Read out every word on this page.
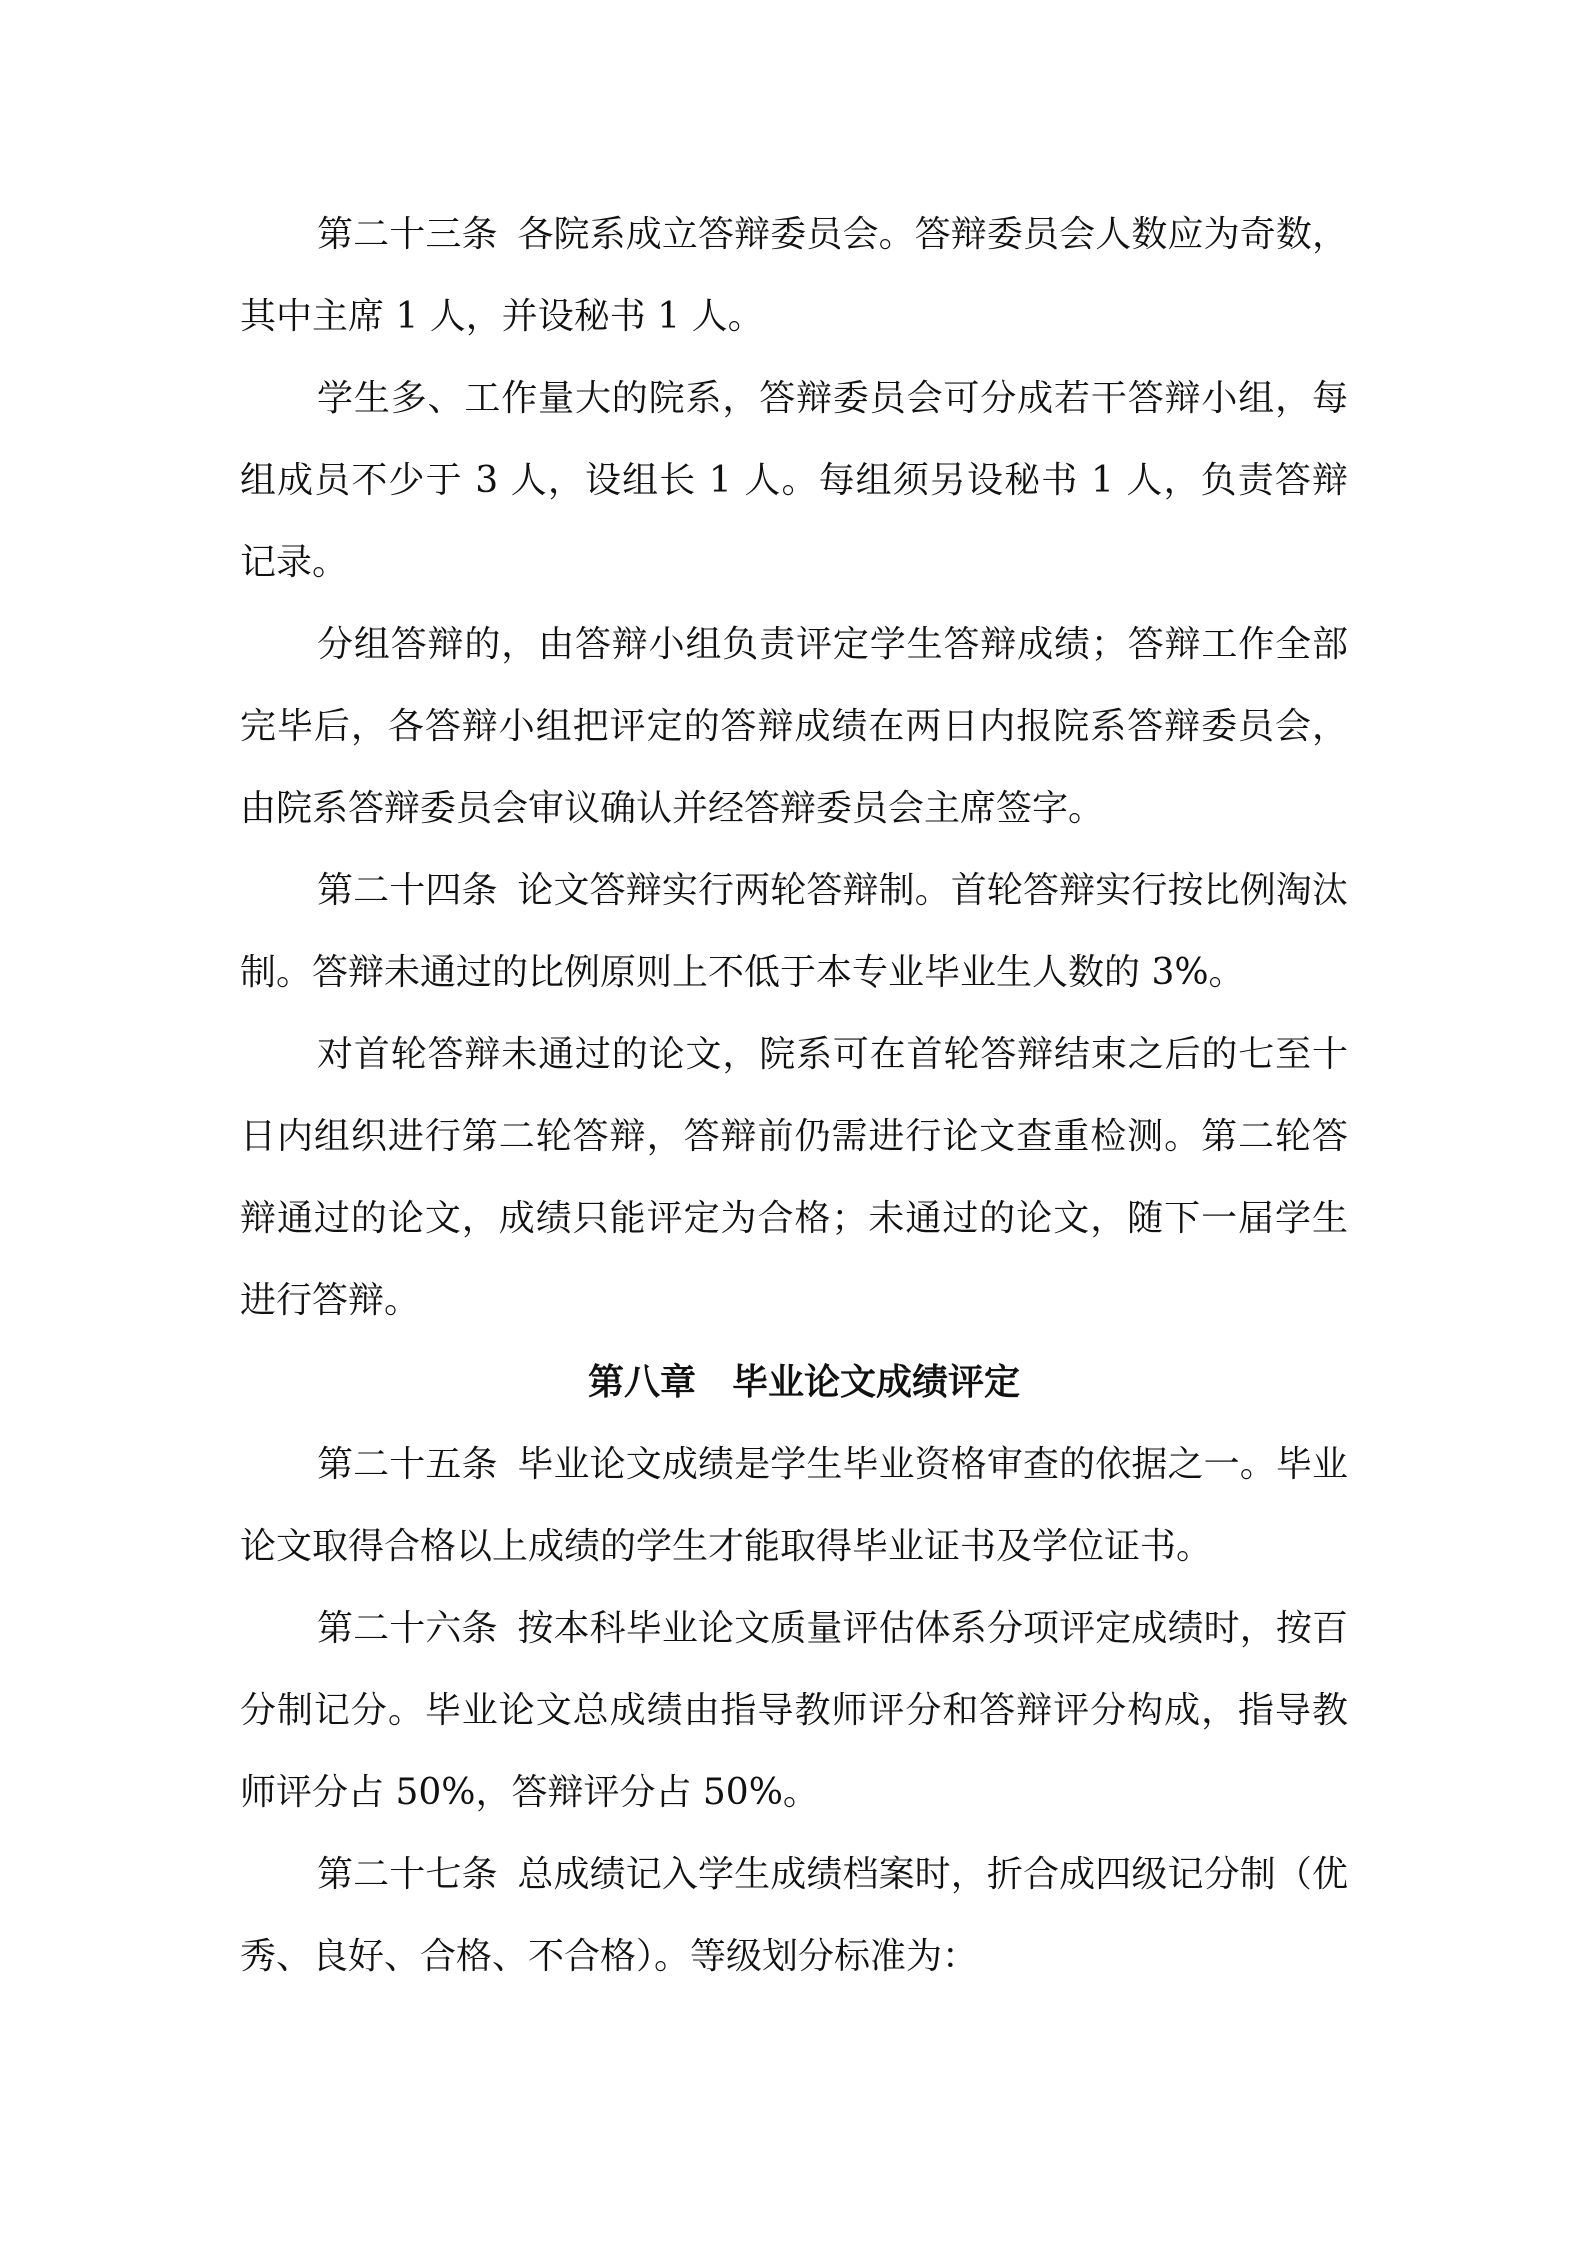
第二十三条 各院系成立答辩委员会。答辩委员会人数应为奇数，其中主席 1 人，并设秘书 1 人。

学生多、工作量大的院系，答辩委员会可分成若干答辩小组，每组成员不少于 3 人，设组长 1 人。每组须另设秘书 1 人，负责答辩记录。

分组答辩的，由答辩小组负责评定学生答辩成绩；答辩工作全部完毕后，各答辩小组把评定的答辩成绩在两日内报院系答辩委员会，由院系答辩委员会审议确认并经答辩委员会主席签字。

第二十四条 论文答辩实行两轮答辩制。首轮答辩实行按比例淘汰制。答辩未通过的比例原则上不低于本专业毕业生人数的 3%。

对首轮答辩未通过的论文，院系可在首轮答辩结束之后的七至十日内组织进行第二轮答辩，答辩前仍需进行论文查重检测。第二轮答辩通过的论文，成绩只能评定为合格；未通过的论文，随下一届学生进行答辩。

第八章　毕业论文成绩评定

第二十五条 毕业论文成绩是学生毕业资格审查的依据之一。毕业论文取得合格以上成绩的学生才能取得毕业证书及学位证书。

第二十六条 按本科毕业论文质量评估体系分项评定成绩时，按百分制记分。毕业论文总成绩由指导教师评分和答辩评分构成，指导教师评分占 50%，答辩评分占 50%。

第二十七条 总成绩记入学生成绩档案时，折合成四级记分制（优秀、良好、合格、不合格）。等级划分标准为：
